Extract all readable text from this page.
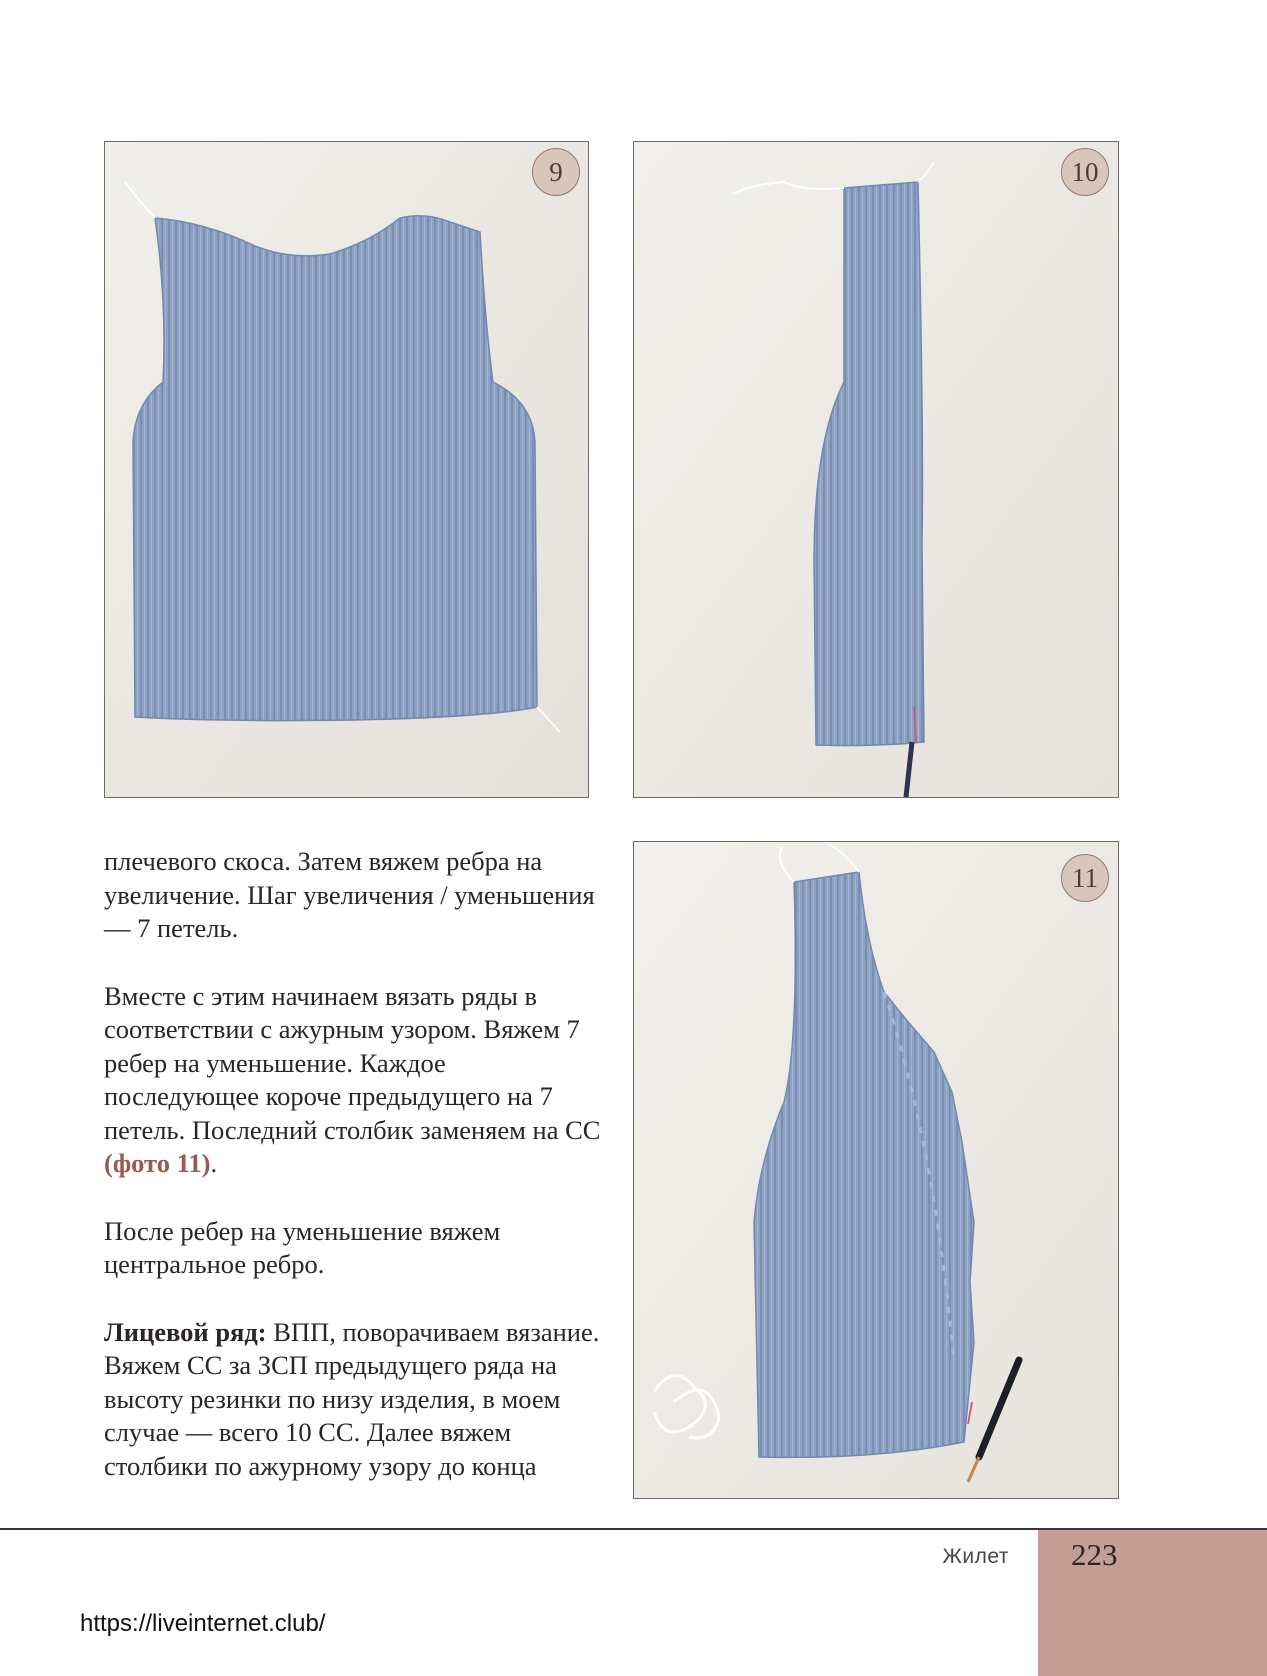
9	10
11

плечевого скоса. Затем вяжем ребра на увеличение. Шаг увеличения / уменьшения — 7 петель.

Вместе с этим начинаем вязать ряды в соответствии с ажурным узором. Вяжем 7 ребер на уменьшение. Каждое последующее короче предыдущего на 7 петель. Последний столбик заменяем на СС (фото 11).

После ребер на уменьшение вяжем центральное ребро.

Лицевой ряд: ВПП, поворачиваем вязание. Вяжем СС за ЗСП предыдущего ряда на высоту резинки по низу изделия, в моем случае — всего 10 СС. Далее вяжем столбики по ажурному узору до конца

223
Жилет
https://liveinternet.club/
